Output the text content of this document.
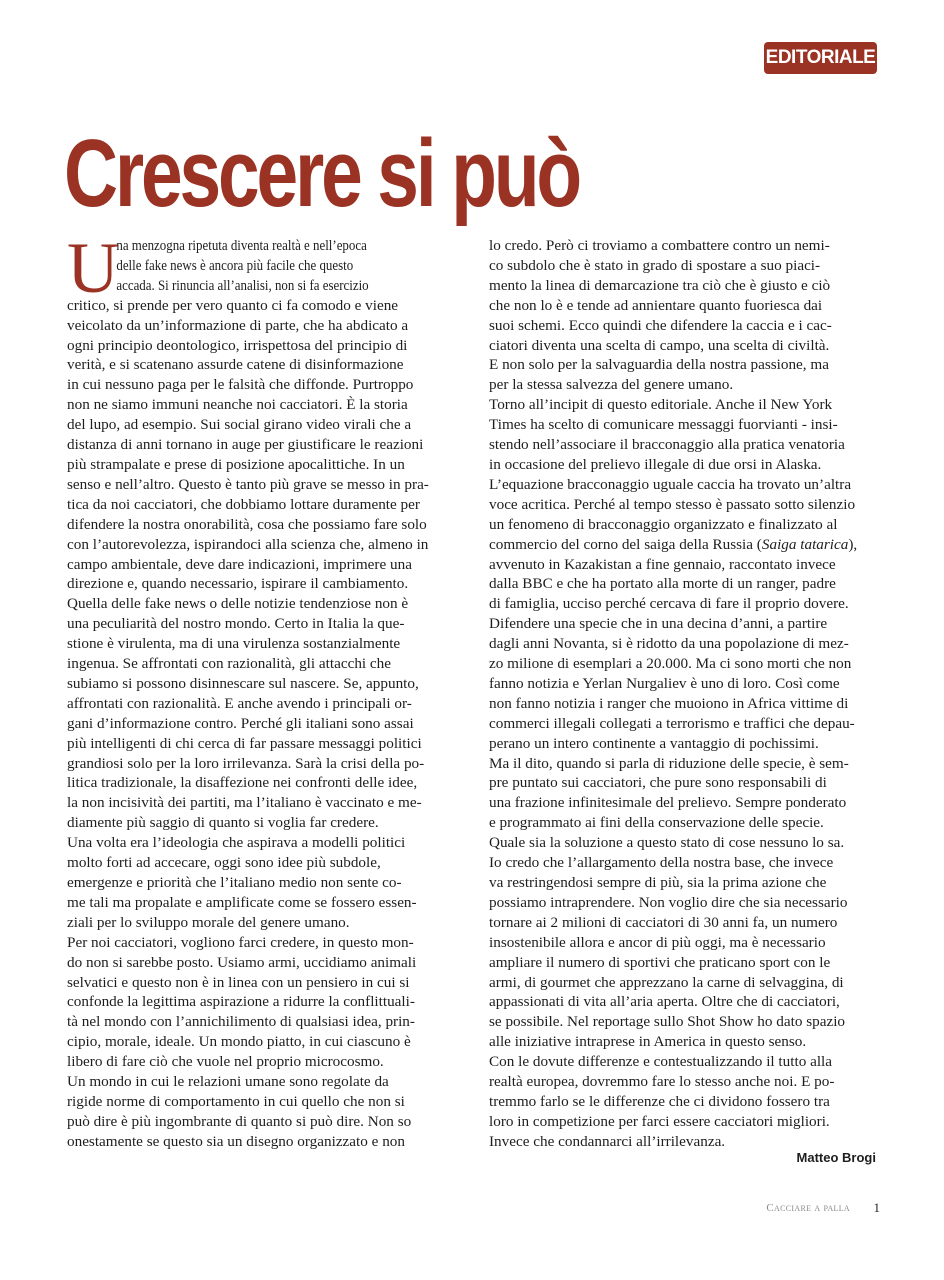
EDITORIALE
Crescere si può
U
na menzogna ripetuta diventa realtà e nell’epoca
delle fake news è ancora più facile che questo
accada. Si rinuncia all’analisi, non si fa esercizio
critico, si prende per vero quanto ci fa comodo e viene
veicolato da un’informazione di parte, che ha abdicato a
ogni principio deontologico, irrispettosa del principio di
verità, e si scatenano assurde catene di disinformazione
in cui nessuno paga per le falsità che diffonde. Purtroppo
non ne siamo immuni neanche noi cacciatori. È la storia
del lupo, ad esempio. Sui social girano video virali che a
distanza di anni tornano in auge per giustificare le reazioni
più strampalate e prese di posizione apocalittiche. In un
senso e nell’altro. Questo è tanto più grave se messo in pra-
tica da noi cacciatori, che dobbiamo lottare duramente per
difendere la nostra onorabilità, cosa che possiamo fare solo
con l’autorevolezza, ispirandoci alla scienza che, almeno in
campo ambientale, deve dare indicazioni, imprimere una
direzione e, quando necessario, ispirare il cambiamento.
Quella delle fake news o delle notizie tendenziose non è
una peculiarità del nostro mondo. Certo in Italia la que-
stione è virulenta, ma di una virulenza sostanzialmente
ingenua. Se affrontati con razionalità, gli attacchi che
subiamo si possono disinnescare sul nascere. Se, appunto,
affrontati con razionalità. E anche avendo i principali or-
gani d’informazione contro. Perché gli italiani sono assai
più intelligenti di chi cerca di far passare messaggi politici
grandiosi solo per la loro irrilevanza. Sarà la crisi della po-
litica tradizionale, la disaffezione nei confronti delle idee,
la non incisività dei partiti, ma l’italiano è vaccinato e me-
diamente più saggio di quanto si voglia far credere.
Una volta era l’ideologia che aspirava a modelli politici
molto forti ad accecare, oggi sono idee più subdole,
emergenze e priorità che l’italiano medio non sente co-
me tali ma propalate e amplificate come se fossero essen-
ziali per lo sviluppo morale del genere umano.
Per noi cacciatori, vogliono farci credere, in questo mon-
do non si sarebbe posto. Usiamo armi, uccidiamo animali
selvatici e questo non è in linea con un pensiero in cui si
confonde la legittima aspirazione a ridurre la conflittuali-
tà nel mondo con l’annichilimento di qualsiasi idea, prin-
cipio, morale, ideale. Un mondo piatto, in cui ciascuno è
libero di fare ciò che vuole nel proprio microcosmo.
Un mondo in cui le relazioni umane sono regolate da
rigide norme di comportamento in cui quello che non si
può dire è più ingombrante di quanto si può dire. Non so
onestamente se questo sia un disegno organizzato e non
lo credo. Però ci troviamo a combattere contro un nemi-
co subdolo che è stato in grado di spostare a suo piaci-
mento la linea di demarcazione tra ciò che è giusto e ciò
che non lo è e tende ad annientare quanto fuoriesca dai
suoi schemi. Ecco quindi che difendere la caccia e i cac-
ciatori diventa una scelta di campo, una scelta di civiltà.
E non solo per la salvaguardia della nostra passione, ma
per la stessa salvezza del genere umano.
Torno all’incipit di questo editoriale. Anche il New York
Times ha scelto di comunicare messaggi fuorvianti - insi-
stendo nell’associare il bracconaggio alla pratica venatoria
in occasione del prelievo illegale di due orsi in Alaska.
L’equazione bracconaggio uguale caccia ha trovato un’altra
voce acritica. Perché al tempo stesso è passato sotto silenzio
un fenomeno di bracconaggio organizzato e finalizzato al
commercio del corno del saiga della Russia (Saiga tatarica),
avvenuto in Kazakistan a fine gennaio, raccontato invece
dalla BBC e che ha portato alla morte di un ranger, padre
di famiglia, ucciso perché cercava di fare il proprio dovere.
Difendere una specie che in una decina d’anni, a partire
dagli anni Novanta, si è ridotto da una popolazione di mez-
zo milione di esemplari a 20.000. Ma ci sono morti che non
fanno notizia e Yerlan Nurgaliev è uno di loro. Così come
non fanno notizia i ranger che muoiono in Africa vittime di
commerci illegali collegati a terrorismo e traffici che depau-
perano un intero continente a vantaggio di pochissimi.
Ma il dito, quando si parla di riduzione delle specie, è sem-
pre puntato sui cacciatori, che pure sono responsabili di
una frazione infinitesimale del prelievo. Sempre ponderato
e programmato ai fini della conservazione delle specie.
Quale sia la soluzione a questo stato di cose nessuno lo sa.
Io credo che l’allargamento della nostra base, che invece
va restringendosi sempre di più, sia la prima azione che
possiamo intraprendere. Non voglio dire che sia necessario
tornare ai 2 milioni di cacciatori di 30 anni fa, un numero
insostenibile allora e ancor di più oggi, ma è necessario
ampliare il numero di sportivi che praticano sport con le
armi, di gourmet che apprezzano la carne di selvaggina, di
appassionati di vita all’aria aperta. Oltre che di cacciatori,
se possibile. Nel reportage sullo Shot Show ho dato spazio
alle iniziative intraprese in America in questo senso.
Con le dovute differenze e contestualizzando il tutto alla
realtà europea, dovremmo fare lo stesso anche noi. E po-
tremmo farlo se le differenze che ci dividono fossero tra
loro in competizione per farci essere cacciatori migliori.
Invece che condannarci all’irrilevanza.
Matteo Brogi
Cacciare a palla	1
